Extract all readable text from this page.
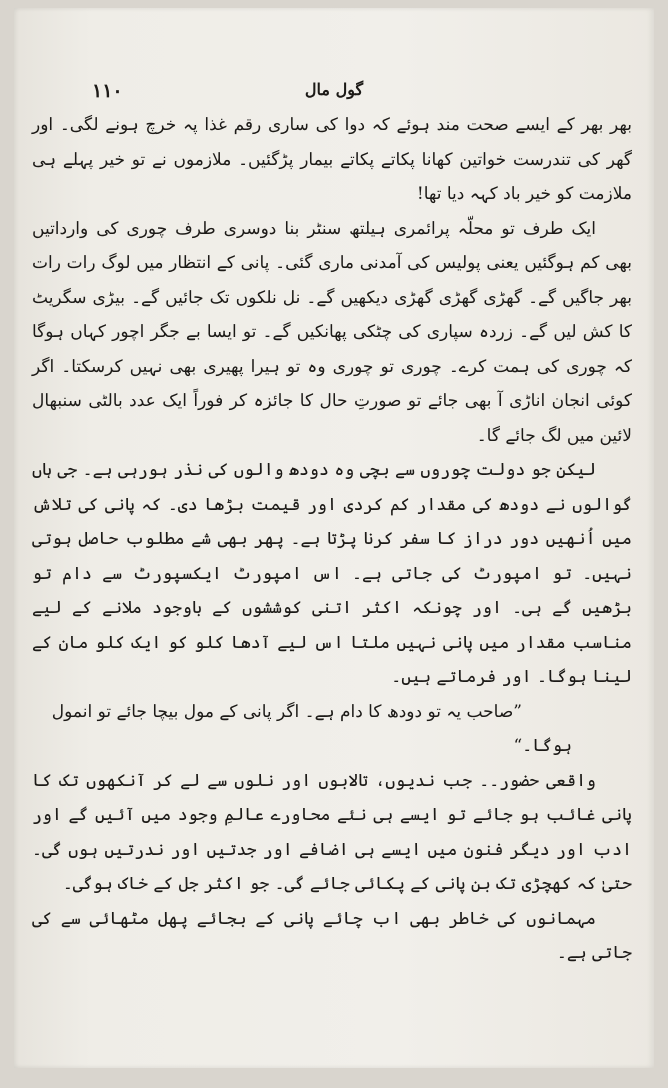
۱۱۰	گول مال

بھر بھر کے ایسے صحت مند ہوئے کہ دوا کی ساری رقم غذا پہ خرچ ہونے لگی۔ اور گھر کی تندرست خواتین کھانا پکاتے پکاتے بیمار پڑگئیں۔ ملازموں نے تو خیر پہلے ہی ملازمت کو خیر باد کہہ دیا تھا!

ایک طرف تو محلّہ پرائمری ہیلتھ سنٹر بنا دوسری طرف چوری کی وارداتیں بھی کم ہوگئیں یعنی پولیس کی آمدنی ماری گئی۔ پانی کے انتظار میں لوگ رات رات بھر جاگیں گے۔ گھڑی گھڑی گھڑی دیکھیں گے۔ نل نلکوں تک جائیں گے۔ بیڑی سگریٹ کا کش لیں گے۔ زردہ سپاری کی چٹکی پھانکیں گے۔ تو ایسا بے جگر اچور کہاں ہوگا کہ چوری کی ہمت کرے۔ چوری تو چوری وہ تو ہیرا پھیری بھی نہیں کرسکتا۔ اگر کوئی انجان اناڑی آ بھی جائے تو صورتِ حال کا جائزہ کر فوراً ایک عدد بالٹی سنبھال لائین میں لگ جائے گا۔

لیکن جو دولت چوروں سے بچی وہ دودھ والوں کی نذر ہورہی ہے۔ جی ہاں گوالوں نے دودھ کی مقدار کم کردی اور قیمت بڑھا دی۔ کہ پانی کی تلاش میں اُنھیں دور دراز کا سفر کرنا پڑتا ہے۔ پھر بھی شے مطلوب حاصل ہوتی نہیں۔ تو امپورٹ کی جاتی ہے۔ اس امپورٹ ایکسپورٹ سے دام تو بڑھیں گے ہی۔ اور چونکہ اکثر اتنی کوششوں کے باوجود ملانے کے لیے مناسب مقدار میں پانی نہیں ملتا اس لیے آدھا کلو کو ایک کلو مان کے لینا ہوگا۔ اور فرماتے ہیں۔

”صاحب یہ تو دودھ کا دام ہے۔ اگر پانی کے مول بیچا جائے تو انمول

ہوگا۔“

واقعی حضور۔۔ جب ندیوں، تالابوں اور نلوں سے لے کر آنکھوں تک کا پانی غائب ہو جائے تو ایسے ہی نئے محاورے عالمِ وجود میں آئیں گے اور ادب اور دیگر فنون میں ایسے ہی اضافے اور جدتیں اور ندرتیں ہوں گی۔ حتیٰ کہ کھچڑی تک بن پانی کے پکائی جائے گی۔ جو اکثر جل کے خاک ہوگی۔

مہمانوں کی خاطر بھی اب چائے پانی کے بجائے پھل مٹھائی سے کی جاتی ہے۔
